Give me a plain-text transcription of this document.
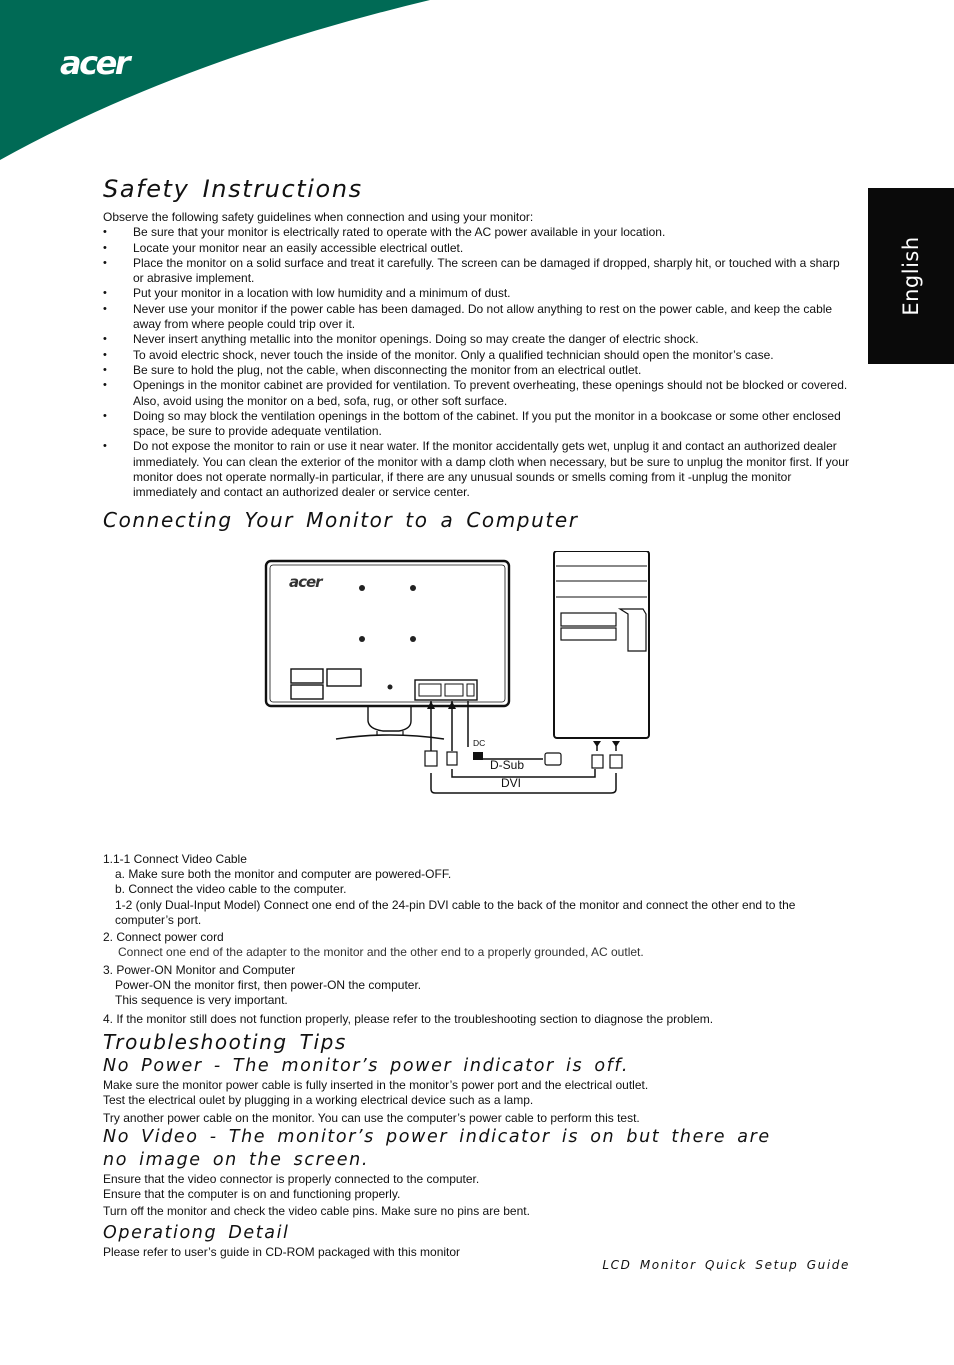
acer
English
Safety Instructions

Observe the following safety guidelines when connection and using your monitor:

• Be sure that your monitor is electrically rated to operate with the AC power available in your location.
• Locate your monitor near an easily accessible electrical outlet.
• Place the monitor on a solid surface and treat it carefully. The screen can be damaged if dropped, sharply hit, or touched with a sharp or abrasive implement.
• Put your monitor in a location with low humidity and a minimum of dust.
• Never use your monitor if the power cable has been damaged. Do not allow anything to rest on the power cable, and keep the cable away from where people could trip over it.
• Never insert anything metallic into the monitor openings. Doing so may create the danger of electric shock.
• To avoid electric shock, never touch the inside of the monitor. Only a qualified technician should open the monitor’s case.
• Be sure to hold the plug, not the cable, when disconnecting the monitor from an electrical outlet.
• Openings in the monitor cabinet are provided for ventilation. To prevent overheating, these openings should not be blocked or covered. Also, avoid using the monitor on a bed, sofa, rug, or other soft surface.
• Doing so may block the ventilation openings in the bottom of the cabinet. If you put the monitor in a bookcase or some other enclosed space, be sure to provide adequate ventilation.
• Do not expose the monitor to rain or use it near water. If the monitor accidentally gets wet, unplug it and contact an authorized dealer immediately. You can clean the exterior of the monitor with a damp cloth when necessary, but be sure to unplug the monitor first. If your monitor does not operate normally-in particular, if there are any unusual sounds or smells coming from it -unplug the monitor immediately and contact an authorized dealer or service center.
Connecting Your Monitor to a Computer
acer
DC
D-Sub
DVI

1.1-1 Connect Video Cable

a. Make sure both the monitor and computer are powered-OFF.

b. Connect the video cable to the computer.

1-2 (only Dual-Input Model) Connect one end of the 24-pin DVI cable to the back of the monitor and connect the other end to the computer’s port.

2. Connect power cord

Connect one end of the adapter to the monitor and the other end to a properly grounded, AC outlet.

3. Power-ON Monitor and Computer

Power-ON the monitor first, then power-ON the computer.

This sequence is very important.

4. If the monitor still does not function properly, please refer to the troubleshooting section to diagnose the problem.

Troubleshooting Tips
No Power - The monitor’s power indicator is off.

Make sure the monitor power cable is fully inserted in the monitor’s power port and the electrical outlet.

Test the electrical oulet by plugging in a working electrical device such as a lamp.

Try another power cable on the monitor. You can use the computer’s power cable to perform this test.

No Video - The monitor’s power indicator is on but there are no image on the screen.

Ensure that the video connector is properly connected to the computer.

Ensure that the computer is on and functioning properly.

Turn off the monitor and check the video cable pins. Make sure no pins are bent.

Operationg Detail

Please refer to user’s guide in CD-ROM packaged with this monitor

LCD Monitor Quick Setup Guide
